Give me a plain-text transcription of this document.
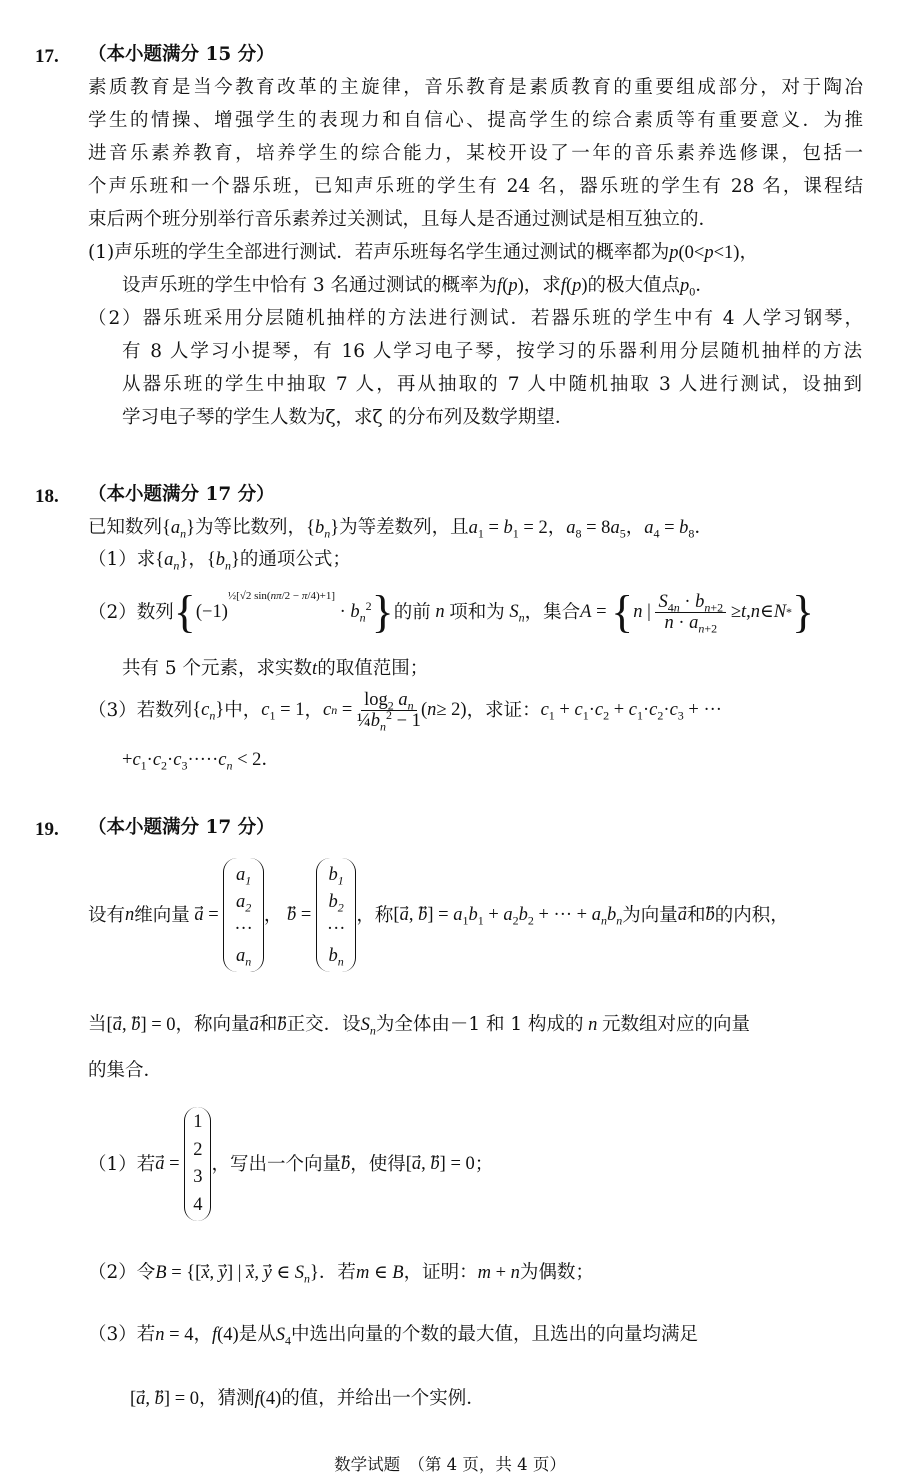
17. （本小题满分 15 分）
素质教育是当今教育改革的主旋律，音乐教育是素质教育的重要组成部分，对于陶冶
学生的情操、增强学生的表现力和自信心、提高学生的综合素质等有重要意义．为推
进音乐素养教育，培养学生的综合能力，某校开设了一年的音乐素养选修课，包括一
个声乐班和一个器乐班，已知声乐班的学生有 24 名，器乐班的学生有 28 名，课程结
束后两个班分别举行音乐素养过关测试，且每人是否通过测试是相互独立的．
(1)声乐班的学生全部进行测试．若声乐班每名学生通过测试的概率都为p(0<p<1)，
设声乐班的学生中恰有 3 名通过测试的概率为f(p)，求f(p)的极大值点$p_0$．
（2）器乐班采用分层随机抽样的方法进行测试．若器乐班的学生中有 4 人学习钢琴，
有 8 人学习小提琴，有 16 人学习电子琴，按学习的乐器利用分层随机抽样的方法
从器乐班的学生中抽取 7 人，再从抽取的 7 人中随机抽取 3 人进行测试，设抽到
学习电子琴的学生人数为ζ，求ζ 的分布列及数学期望．
18. （本小题满分 17 分）
已知数列$\{a_n\}$为等比数列，$\{b_n\}$为等差数列，且$a_1 = b_1 = 2$，$a_8 = 8a_5$，$a_4 = b_8$．
（1）求$\{a_n\}$，$\{b_n\}$的通项公式；
（2）数列 { $(-1)^{\frac{1}{2}[√2 sin(n\pi/2 - \pi/4)+1]} \cdot b_n^2$ } 的前 n 项和为 $S_n$ ，集合 A = { n | $\frac{S_{4n} \cdot b_{n+2}}{n \cdot a_{n+2}} \ge t$ , n ∈ N * }
共有 5 个元素，求实数t的取值范围；
（3）若数列 $\{c_n\}$ 中， $c_1 = 1$ ， c $n = \frac{\log_2 a_n}{\frac{1}{4}b_n^2 - 1}$ ( n ≥ 2) ，求证： $c_1 + c_1\cdot c_2 + c_1\cdot c_2\cdot c_3$ + ···
$+c_1\cdot c_2\cdot c_3\cdot\cdot\cdot\cdot\cdot c_n < 2$．
19. （本小题满分 17 分）
设有 n 维向量 a⃗ =
$a_1$
$a_2$
···
$a_n$
， b⃗ =
$b_1$
$b_2$
···
$b_n$
，称 [a⃗, b⃗] = $a_1b_1 + a_2b_2$ + ··· + $a_nb_n$ 为向量 a 和 b 的内积，
当[a⃗, b⃗] = 0，称向量a和b正交．设$S_n$为全体由－1 和 1 构成的 n 元数组对应的向量
的集合．
（1）若 a⃗ =
1
2
3
4
，写出一个向量 b ，使得 [a⃗, b⃗] = 0 ；
（2）令B = {[x⃗, y⃗] | x⃗, y⃗ ∈ $S_n$}．若m ∈ B，证明：m + n为偶数；
（3）若n = 4，f(4)是从$S_4$中选出向量的个数的最大值，且选出的向量均满足
[a⃗, b⃗] = 0，猜测f(4)的值，并给出一个实例．
数学试题　（第 4 页，共 4 页）
